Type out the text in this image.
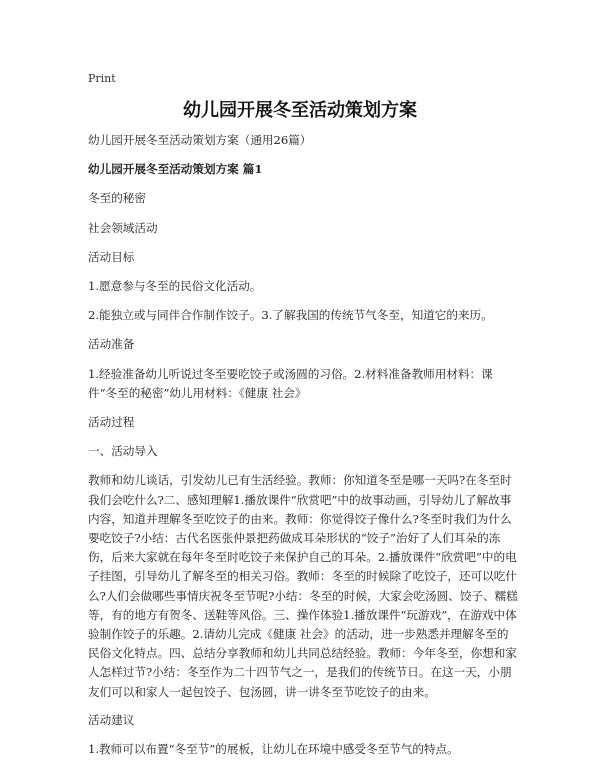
Print
幼儿园开展冬至活动策划方案

幼儿园开展冬至活动策划方案（通用26篇）

幼儿园开展冬至活动策划方案 篇1

冬至的秘密

社会领域活动

活动目标

1.愿意参与冬至的民俗文化活动。

2.能独立或与同伴合作制作饺子。3.了解我国的传统节气冬至，知道它的来历。

活动准备

1.经验准备幼儿听说过冬至要吃饺子或汤圆的习俗。2.材料准备教师用材料：课件“冬至的秘密”幼儿用材料：《健康 社会》

活动过程

一、活动导入

教师和幼儿谈话，引发幼儿已有生活经验。教师：你知道冬至是哪一天吗?在冬至时我们会吃什么?二、感知理解1.播放课件“欣赏吧”中的故事动画，引导幼儿了解故事内容，知道并理解冬至吃饺子的由来。教师：你觉得饺子像什么?冬至时我们为什么要吃饺子?小结：古代名医张仲景把药做成耳朵形状的“饺子”治好了人们耳朵的冻伤，后来大家就在每年冬至时吃饺子来保护自己的耳朵。2.播放课件“欣赏吧”中的电子挂图，引导幼儿了解冬至的相关习俗。教师：冬至的时候除了吃饺子，还可以吃什么?人们会做哪些事情庆祝冬至节呢?小结：冬至的时候，大家会吃汤圆、饺子、糯糕等，有的地方有贺冬、送鞋等风俗。三、操作体验1.播放课件“玩游戏”，在游戏中体验制作饺子的乐趣。2.请幼儿完成《健康 社会》的活动，进一步熟悉并理解冬至的民俗文化特点。四、总结分享教师和幼儿共同总结经验。教师：今年冬至，你想和家人怎样过节?小结：冬至作为二十四节气之一，是我们的传统节日。在这一天，小朋友们可以和家人一起包饺子、包汤圆，讲一讲冬至节吃饺子的由来。

活动建议

1.教师可以布置“冬至节”的展板，让幼儿在环境中感受冬至节气的特点。
